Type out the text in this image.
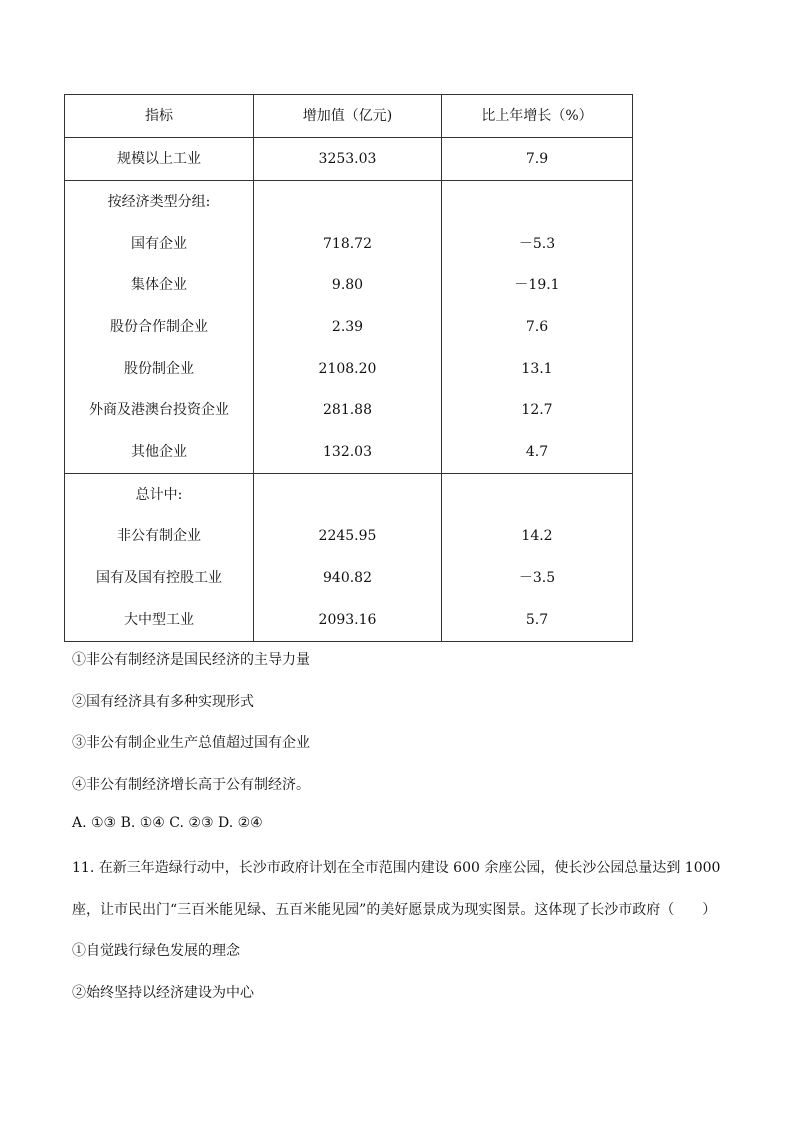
指标	增加值（亿元)	比上年增长（%）
规模以上工业	3253.03	7.9
按经济类型分组:		
国有企业	718.72	－5.3
集体企业	9.80	－19.1
股份合作制企业	2.39	7.6
股份制企业	2108.20	13.1
外商及港澳台投资企业	281.88	12.7
其他企业	132.03	4.7
总计中:		
非公有制企业	2245.95	14.2
国有及国有控股工业	940.82	－3.5
大中型工业	2093.16	5.7
①非公有制经济是国民经济的主导力量
②国有经济具有多种实现形式
③非公有制企业生产总值超过国有企业
④非公有制经济增长高于公有制经济。
A. ①③ B. ①④ C. ②③ D. ②④
11. 在新三年造绿行动中，长沙市政府计划在全市范围内建设 600 余座公园，使长沙公园总量达到 1000
座，让市民出门“三百米能见绿、五百米能见园”的美好愿景成为现实图景。这体现了长沙市政府（　　）
①自觉践行绿色发展的理念
②始终坚持以经济建设为中心
